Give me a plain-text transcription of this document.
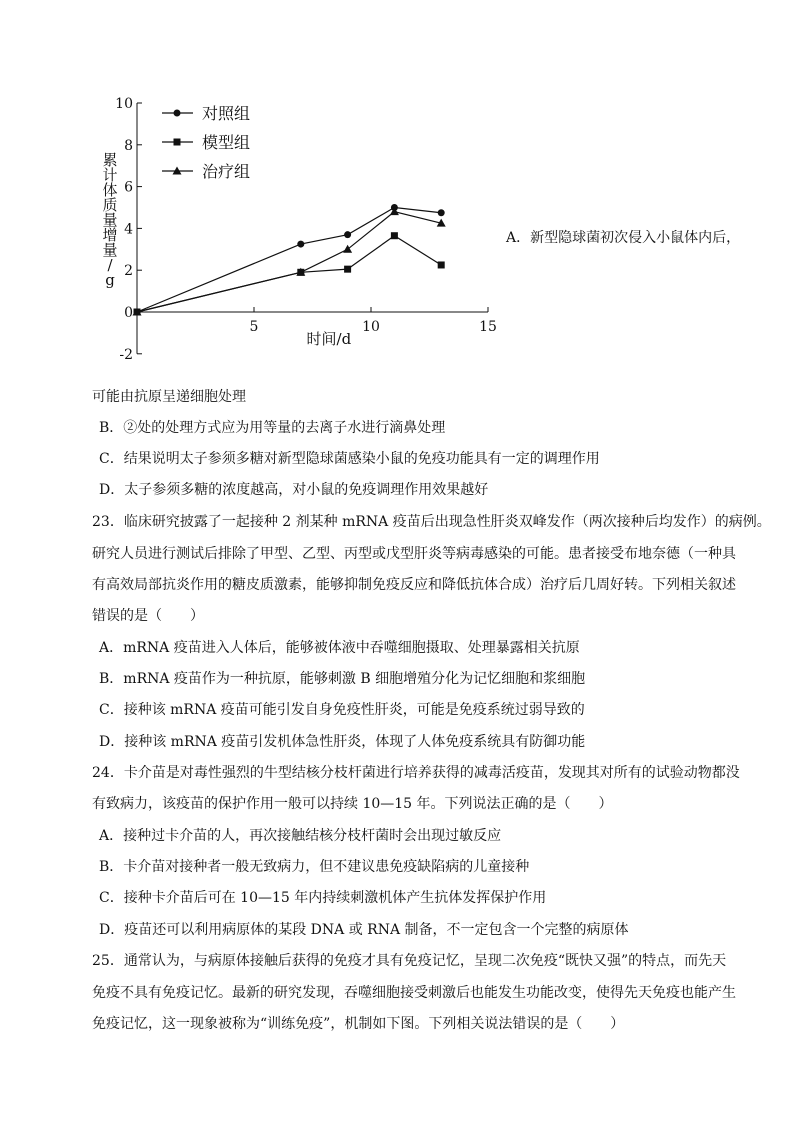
10
8
6
4
2
0
-2
5	10	15
时间/d
累计体质量增量/ g
对照组
模型组
治疗组
A．新型隐球菌初次侵入小鼠体内后，
可能由抗原呈递细胞处理
B．②处的处理方式应为用等量的去离子水进行滴鼻处理
C．结果说明太子参须多糖对新型隐球菌感染小鼠的免疫功能具有一定的调理作用
D．太子参须多糖的浓度越高，对小鼠的免疫调理作用效果越好
23．临床研究披露了一起接种 2 剂某种 mRNA 疫苗后出现急性肝炎双峰发作（两次接种后均发作）的病例。
研究人员进行测试后排除了甲型、乙型、丙型或戊型肝炎等病毒感染的可能。患者接受布地奈德（一种具
有高效局部抗炎作用的糖皮质激素，能够抑制免疫反应和降低抗体合成）治疗后几周好转。下列相关叙述
错误的是（　　）
A．mRNA 疫苗进入人体后，能够被体液中吞噬细胞摄取、处理暴露相关抗原
B．mRNA 疫苗作为一种抗原，能够刺激 B 细胞增殖分化为记忆细胞和浆细胞
C．接种该 mRNA 疫苗可能引发自身免疫性肝炎，可能是免疫系统过弱导致的
D．接种该 mRNA 疫苗引发机体急性肝炎，体现了人体免疫系统具有防御功能
24．卡介苗是对毒性强烈的牛型结核分枝杆菌进行培养获得的减毒活疫苗，发现其对所有的试验动物都没
有致病力，该疫苗的保护作用一般可以持续 10—15 年。下列说法正确的是（　　）
A．接种过卡介苗的人，再次接触结核分枝杆菌时会出现过敏反应
B．卡介苗对接种者一般无致病力，但不建议患免疫缺陷病的儿童接种
C．接种卡介苗后可在 10—15 年内持续刺激机体产生抗体发挥保护作用
D．疫苗还可以利用病原体的某段 DNA 或 RNA 制备，不一定包含一个完整的病原体
25．通常认为，与病原体接触后获得的免疫才具有免疫记忆，呈现二次免疫“既快又强”的特点，而先天
免疫不具有免疫记忆。最新的研究发现，吞噬细胞接受刺激后也能发生功能改变，使得先天免疫也能产生
免疫记忆，这一现象被称为“训练免疫”，机制如下图。下列相关说法错误的是（　　）
